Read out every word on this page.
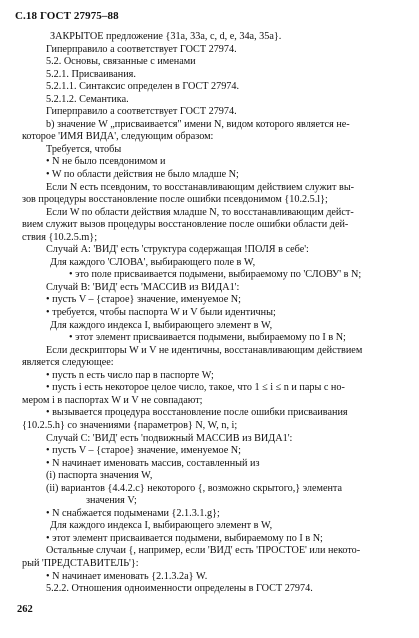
С.18 ГОСТ 27975–88
ЗАКРЫТОЕ предложение {31a, 33a, c, d, e, 34a, 35a}.
Гиперправило a соответствует ГОСТ 27974.
5.2. Основы, связанные с именами
5.2.1. Присваивания.
5.2.1.1. Синтаксис определен в ГОСТ 27974.
5.2.1.2. Семантика.
Гиперправило a соответствует ГОСТ 27974.
b) значение W „присваивается" имени N, видом которого является не-
которое 'ИМЯ ВИДА', следующим образом:
Требуется, чтобы
• N не было псевдонимом и
• W по области действия не было младше N;
Если N есть псевдоним, то восстанавливающим действием служит вы-
зов процедуры восстановление после ошибки псевдонимом {10.2.5.l};
Если W по области действия младше N, то восстанавливающим дейст-
вием служит вызов процедуры восстановление после ошибки области дей-
ствия {10.2.5.m};
Случай A: 'ВИД' есть 'структура содержащая !ПОЛЯ в себе':
Для каждого 'СЛОВА', выбирающего поле в W,
• это поле присваивается подымени, выбираемому по 'СЛОВУ' в N;
Случай B: 'ВИД' есть 'МАССИВ из ВИДА1':
• пусть V – {старое} значение, именуемое N;
• требуется, чтобы паспорта W и V были идентичны;
Для каждого индекса I, выбирающего элемент в W,
• этот элемент присваивается подымени, выбираемому по I в N;
Если дескрипторы W и V не идентичны, восстанавливающим действием
является следующее:
• пусть n есть число пар в паспорте W;
• пусть i есть некоторое целое число, такое, что 1 ≤ i ≤ n и пары с но-
мером i в паспортах W и V не совпадают;
• вызывается процедура восстановление после ошибки присваивания
{10.2.5.h} со значениями {параметров} N, W, n, i;
Случай C: 'ВИД' есть 'подвижный МАССИВ из ВИДА1':
• пусть V – {старое} значение, именуемое N;
• N начинает именовать массив, составленный из
(i) паспорта значения W,
(ii) вариантов {4.4.2.c} некоторого {, возможно скрытого,} элемента
значения V;
• N снабжается подыменами {2.1.3.1.g};
Для каждого индекса I, выбирающего элемент в W,
• этот элемент присваивается подымени, выбираемому по I в N;
Остальные случаи {, например, если 'ВИД' есть 'ПРОСТОЕ' или некото-
рый 'ПРЕДСТАВИТЕЛЬ'}:
• N начинает именовать {2.1.3.2a} W.
5.2.2. Отношения одноименности определены в ГОСТ 27974.
262
